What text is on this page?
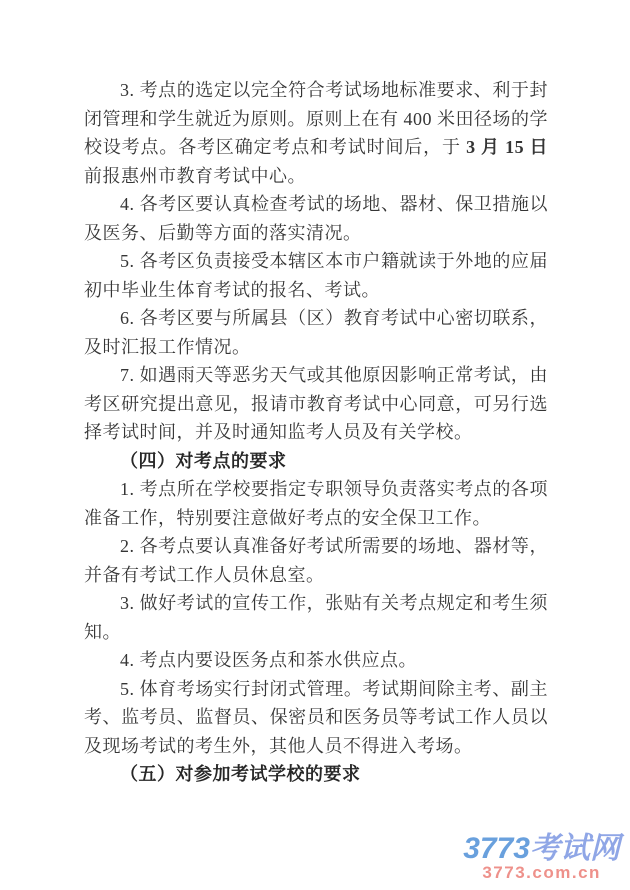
3. 考点的选定以完全符合考试场地标准要求、利于封闭管理和学生就近为原则。原则上在有 400 米田径场的学校设考点。各考区确定考点和考试时间后，于 3 月 15 日前报惠州市教育考试中心。

4. 各考区要认真检查考试的场地、器材、保卫措施以及医务、后勤等方面的落实清况。

5. 各考区负责接受本辖区本市户籍就读于外地的应届初中毕业生体育考试的报名、考试。

6. 各考区要与所属县（区）教育考试中心密切联系，及时汇报工作情况。

7. 如遇雨天等恶劣天气或其他原因影响正常考试，由考区研究提出意见，报请市教育考试中心同意，可另行选择考试时间，并及时通知监考人员及有关学校。

（四）对考点的要求

1. 考点所在学校要指定专职领导负责落实考点的各项准备工作，特别要注意做好考点的安全保卫工作。

2. 各考点要认真准备好考试所需要的场地、器材等，并备有考试工作人员休息室。

3. 做好考试的宣传工作，张贴有关考点规定和考生须知。

4. 考点内要设医务点和茶水供应点。

5. 体育考场实行封闭式管理。考试期间除主考、副主考、监考员、监督员、保密员和医务员等考试工作人员以及现场考试的考生外，其他人员不得进入考场。

（五）对参加考试学校的要求

3773考试网
3773.com.cn
